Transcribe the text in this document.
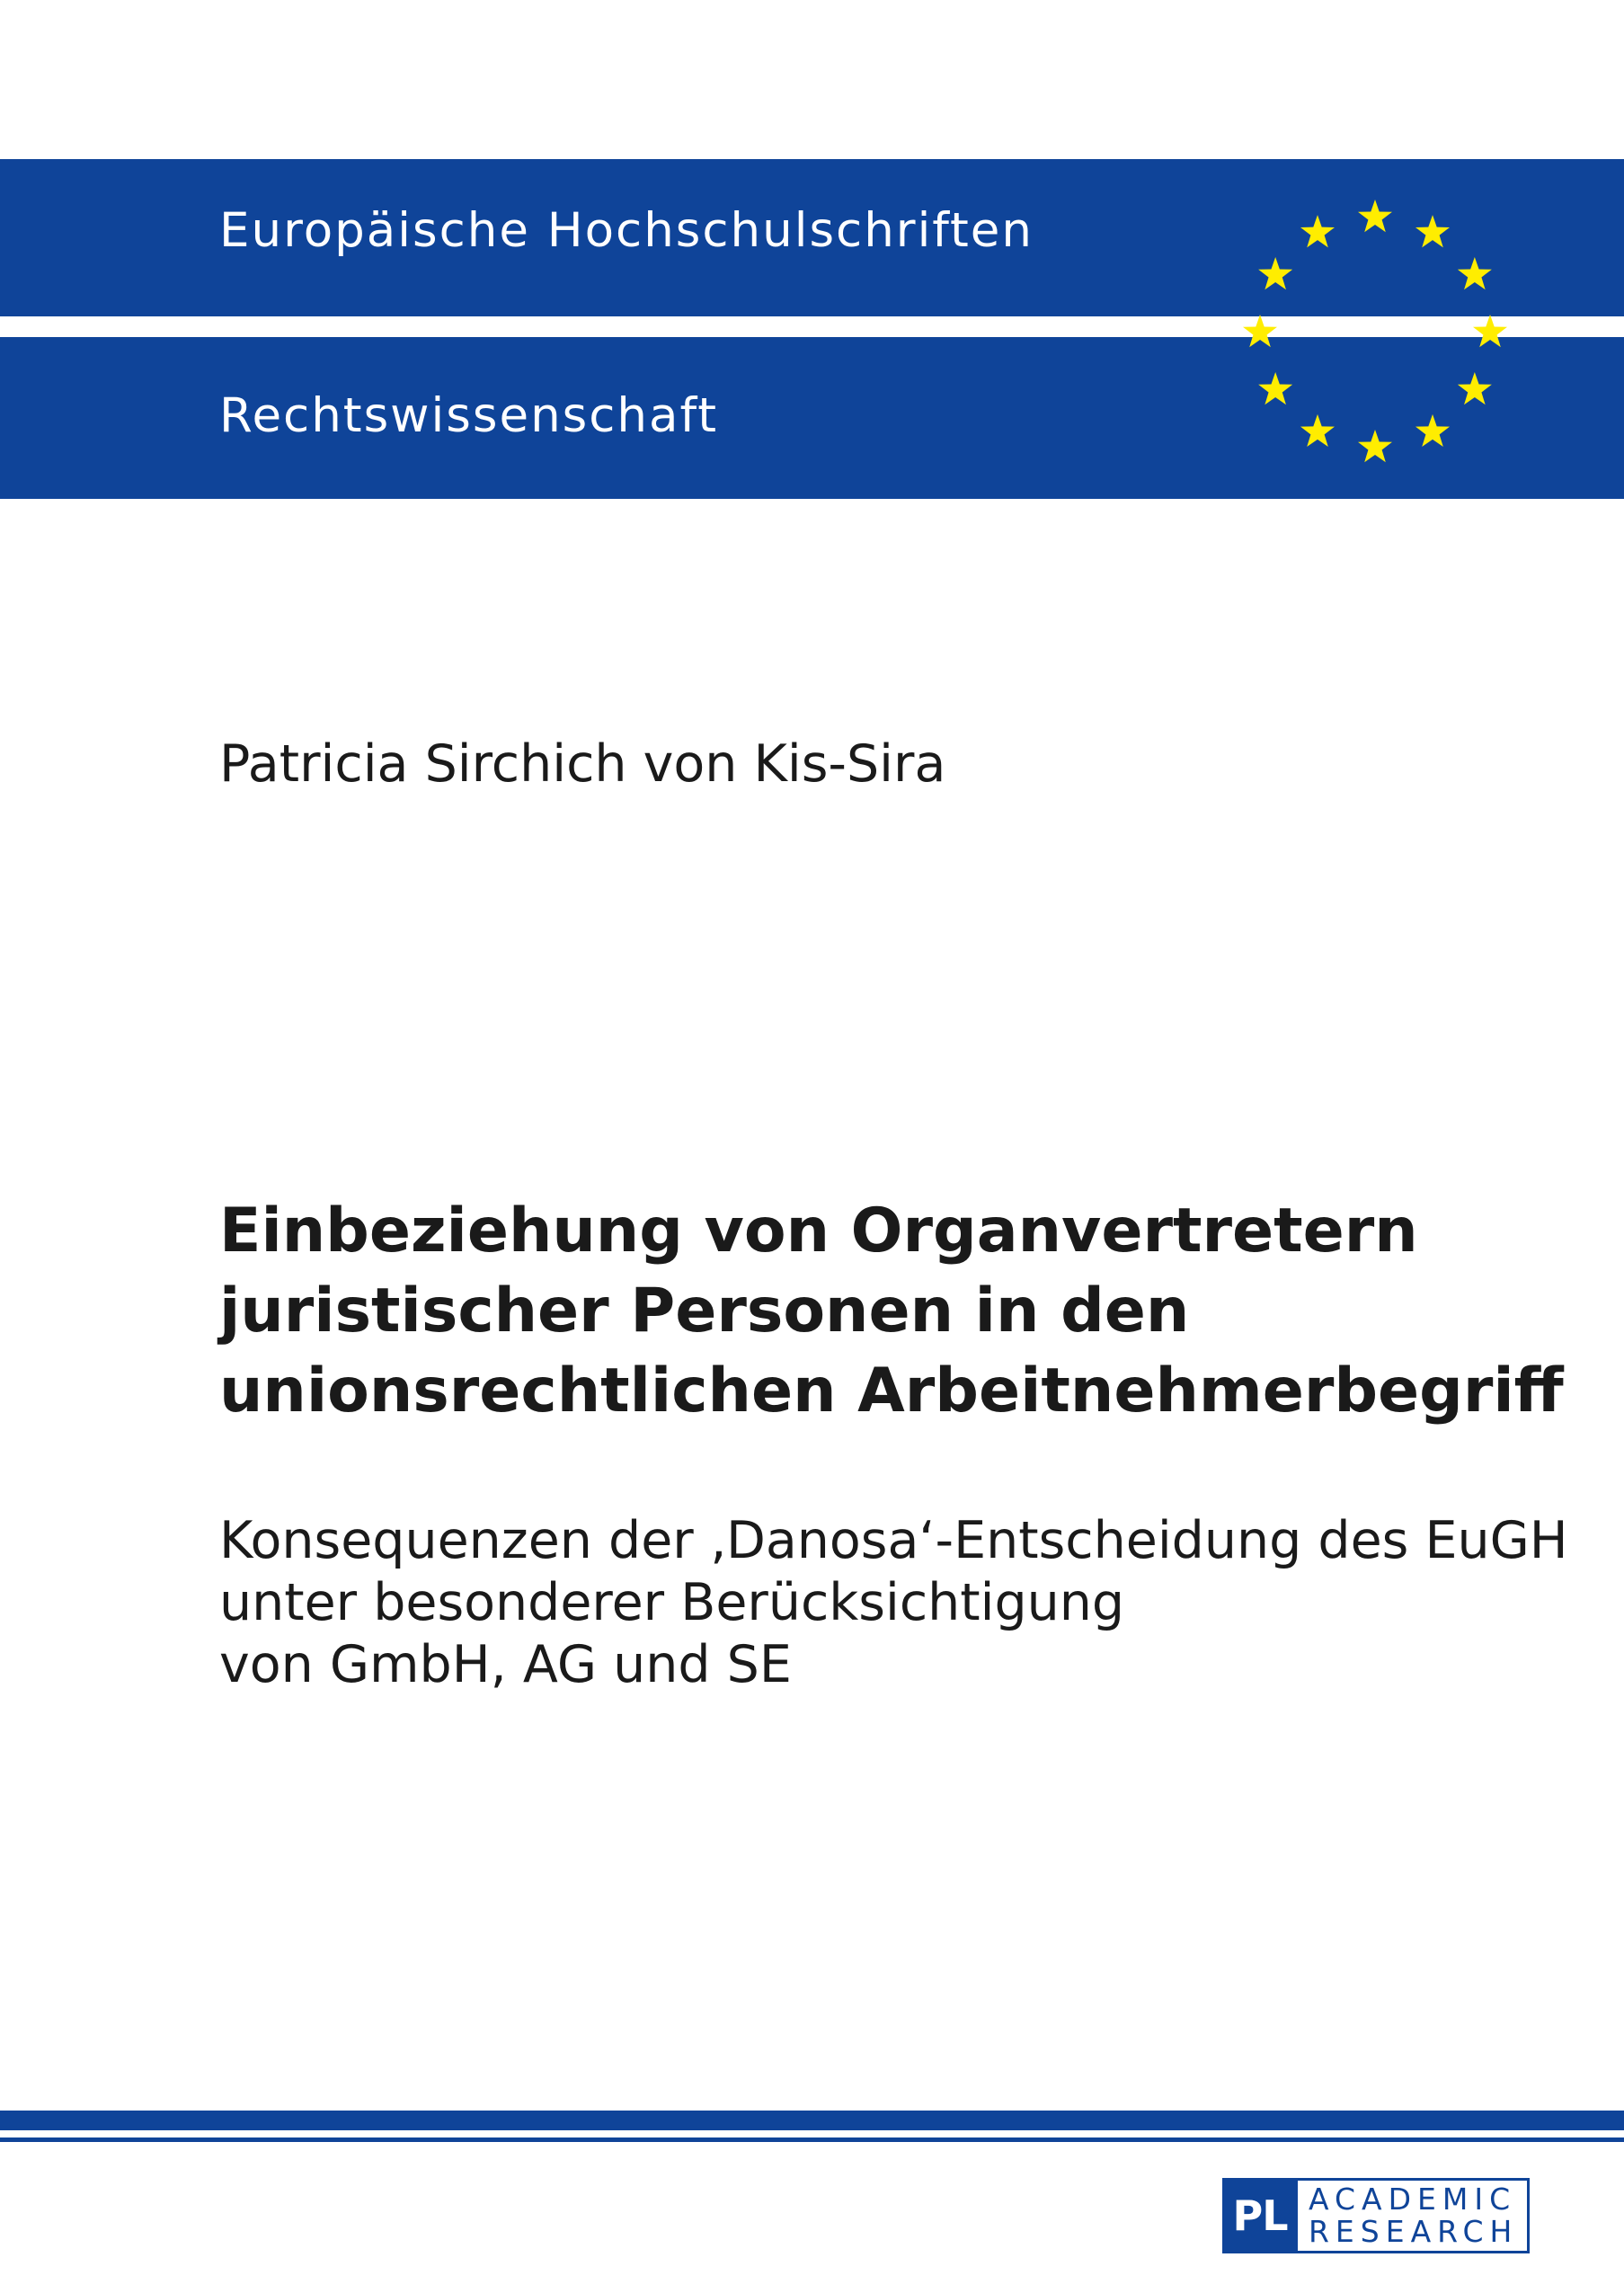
Europäische Hochschulschriften
Rechtswissenschaft
Patricia Sirchich von Kis-Sira
Einbeziehung von Organvertretern
juristischer Personen in den
unionsrechtlichen Arbeitnehmerbegriff

Konsequenzen der ‚Danosa‘-Entscheidung des EuGH
unter besonderer Berücksichtigung
von GmbH, AG und SE

PL ACADEMIC
RESEARCH
